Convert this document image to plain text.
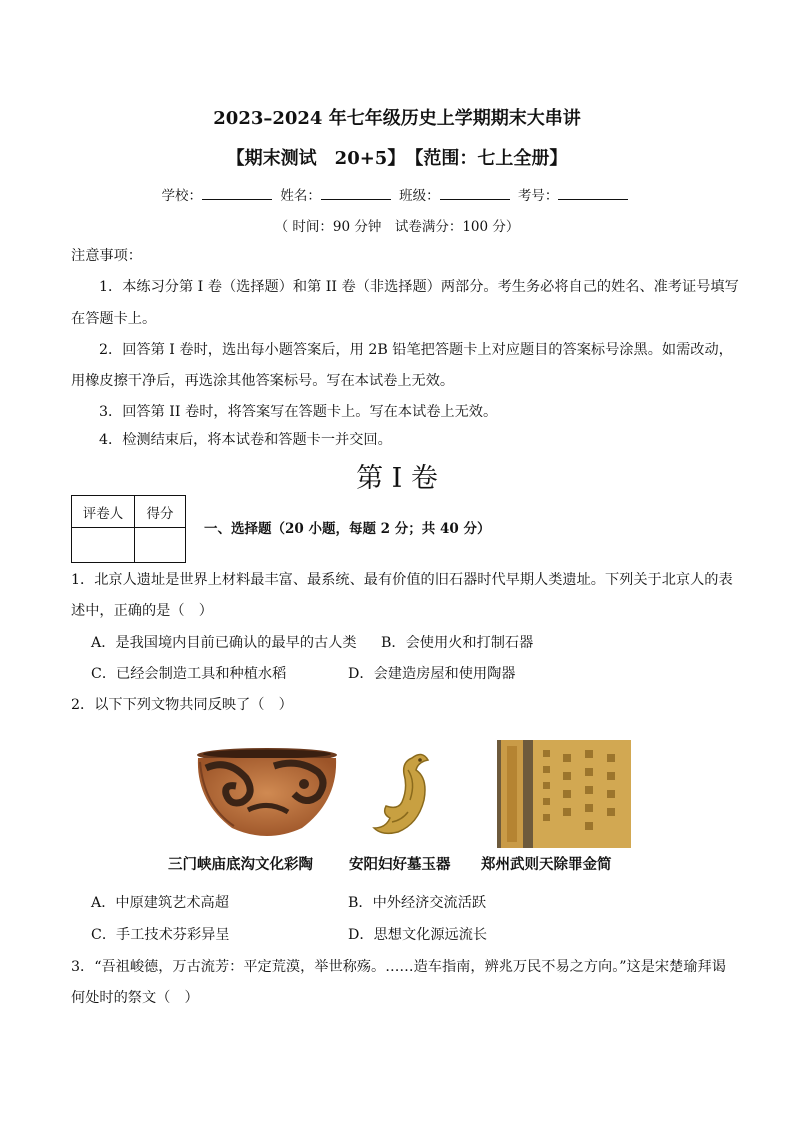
2023–2024 年七年级历史上学期期末大串讲
【期末测试　20+5】　【范围：七上全册】
学校：	姓名：	班级：	考号：
（ 时间：90 分钟　试卷满分：100 分）
注意事项：
1．本练习分第 I 卷（选择题）和第 II 卷（非选择题）两部分。考生务必将自己的姓名、准考证号填写
在答题卡上。
2．回答第 I 卷时，选出每小题答案后，用 2B 铅笔把答题卡上对应题目的答案标号涂黑。如需改动，
用橡皮擦干净后，再选涂其他答案标号。写在本试卷上无效。
3．回答第 II 卷时，将答案写在答题卡上。写在本试卷上无效。
4．检测结束后，将本试卷和答题卡一并交回。
第 I 卷
评卷人	得分

一、选择题（20 小题，每题 2 分；共 40 分）
1．北京人遗址是世界上材料最丰富、最系统、最有价值的旧石器时代早期人类遗址。下列关于北京人的表
述中，正确的是（　）
A．是我国境内目前已确认的最早的古人类 B．会使用火和打制石器
C．已经会制造工具和种植水稻	D．会建造房屋和使用陶器
2．以下下列文物共同反映了（　）
三门峡庙底沟文化彩陶 安阳妇好墓玉器 郑州武则天除罪金简
A．中原建筑艺术高超	B．中外经济交流活跃
C．手工技术芬彩异呈	D．思想文化源远流长
3．“吾祖峻德，万古流芳：平定荒漠，举世称殇。……造车指南，辨兆万民不易之方向。”这是宋楚瑜拜谒
何处时的祭文（　）
